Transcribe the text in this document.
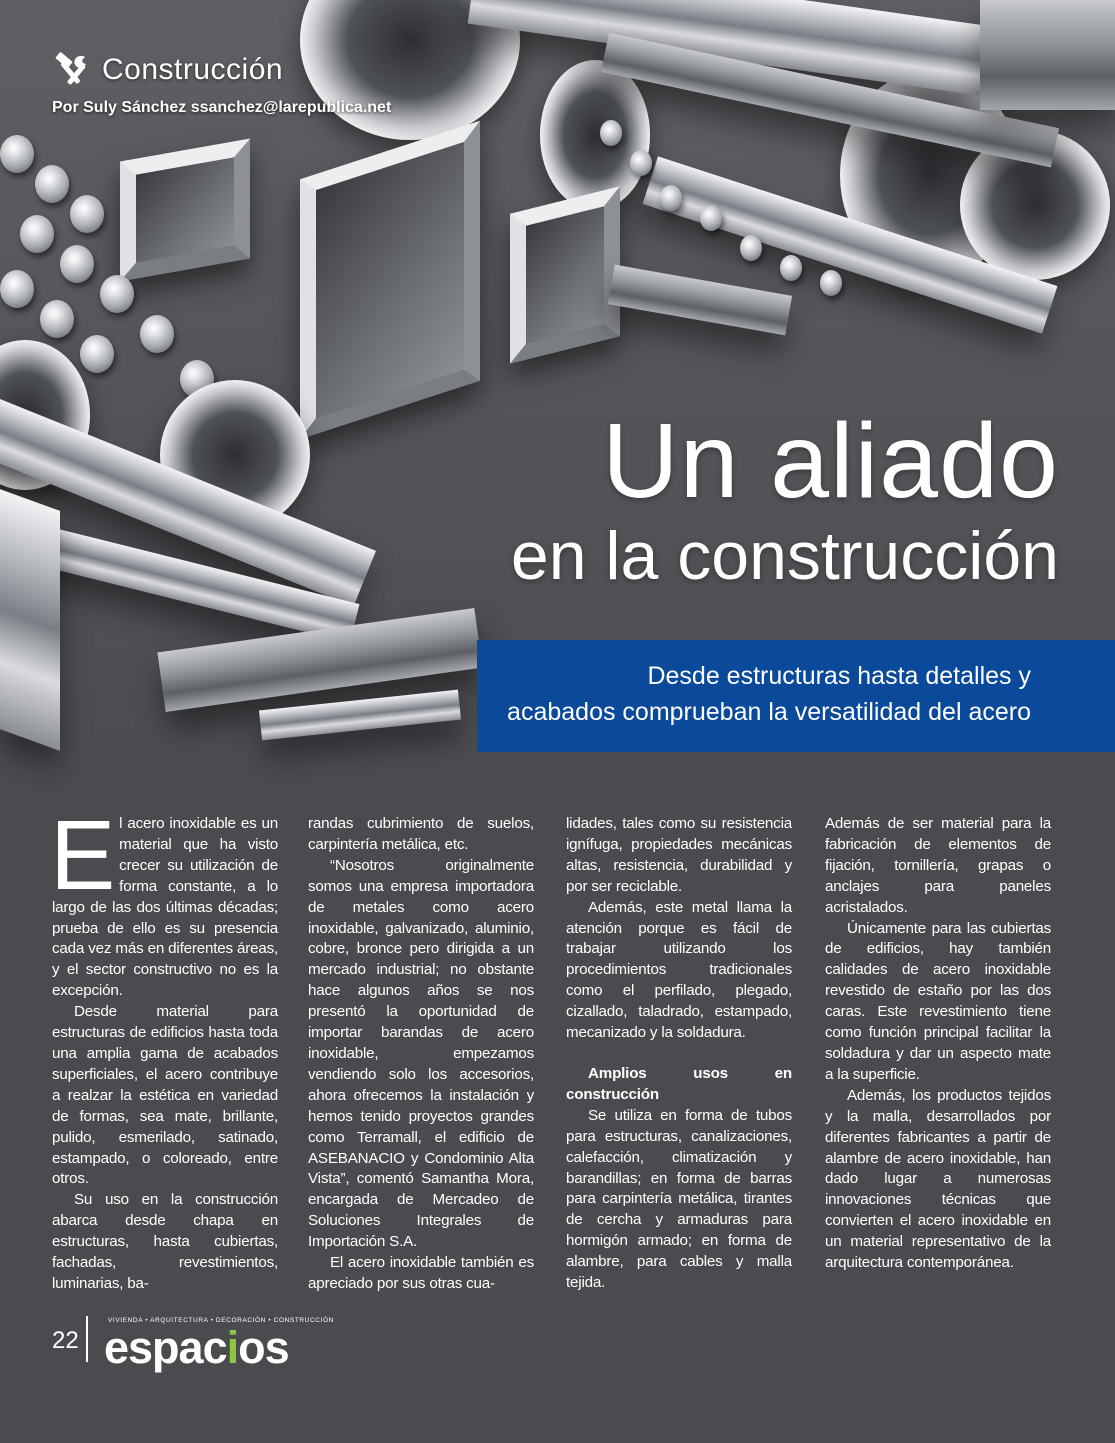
Construcción
Por Suly Sánchez ssanchez@larepublica.net
Un aliado
en la construcción
Desde estructuras hasta detalles y
acabados comprueban la versatilidad del acero

El acero inoxidable es un material que ha visto crecer su utilización de forma constante, a lo largo de las dos últimas décadas; prueba de ello es su presencia cada vez más en diferentes áreas, y el sector constructivo no es la excepción.

Desde material para estructuras de edificios hasta toda una amplia gama de acabados superficiales, el acero contribuye a realzar la estética en variedad de formas, sea mate, brillante, pulido, esmerilado, satinado, estampado, o coloreado, entre otros.

Su uso en la construcción abarca desde chapa en estructuras, hasta cubiertas, fachadas, revestimientos, luminarias, ba-

randas cubrimiento de suelos, carpintería metálica, etc.

“Nosotros originalmente somos una empresa importadora de metales como acero inoxidable, galvanizado, aluminio, cobre, bronce pero dirigida a un mercado industrial; no obstante hace algunos años se nos presentó la oportunidad de importar barandas de acero inoxidable, empezamos vendiendo solo los accesorios, ahora ofrecemos la instalación y hemos tenido proyectos grandes como Terramall, el edificio de ASEBANACIO y Condominio Alta Vista”, comentó Samantha Mora, encargada de Mercadeo de Soluciones Integrales de Importación S.A.

El acero inoxidable también es apreciado por sus otras cua-

lidades, tales como su resistencia ignífuga, propiedades mecánicas altas, resistencia, durabilidad y por ser reciclable.

Además, este metal llama la atención porque es fácil de trabajar utilizando los procedimientos tradicionales como el perfilado, plegado, cizallado, taladrado, estampado, mecanizado y la soldadura.

Amplios usos en construcción

Se utiliza en forma de tubos para estructuras, canalizaciones, calefacción, climatización y barandillas; en forma de barras para carpintería metálica, tirantes de cercha y armaduras para hormigón armado; en forma de alambre, para cables y malla tejida.

Además de ser material para la fabricación de elementos de fijación, tornillería, grapas o anclajes para paneles acristalados.

Únicamente para las cubiertas de edificios, hay también calidades de acero inoxidable revestido de estaño por las dos caras. Este revestimiento tiene como función principal facilitar la soldadura y dar un aspecto mate a la superficie.

Además, los productos tejidos y la malla, desarrollados por diferentes fabricantes a partir de alambre de acero inoxidable, han dado lugar a numerosas innovaciones técnicas que convierten el acero inoxidable en un material representativo de la arquitectura contemporánea.

22
VIVIENDA • ARQUITECTURA • DECORACIÓN • CONSTRUCCIÓN
espacios
